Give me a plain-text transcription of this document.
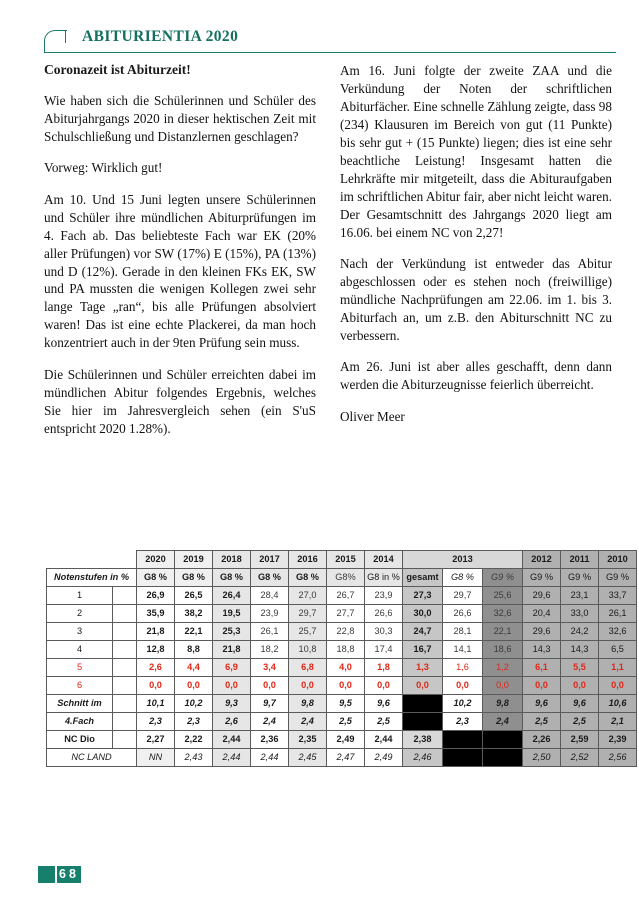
ABITURIENTIA 2020
Coronazeit ist Abiturzeit!

Wie haben sich die Schülerinnen und Schüler des Abiturjahrgangs 2020 in dieser hektischen Zeit mit Schulschließung und Distanzlernen geschlagen?

Vorweg: Wirklich gut!

Am 10. Und 15 Juni legten unsere Schülerinnen und Schüler ihre mündlichen Abiturprüfungen im 4. Fach ab. Das beliebteste Fach war EK (20% aller Prüfungen) vor SW (17%) E (15%), PA (13%) und D (12%). Gerade in den kleinen FKs EK, SW und PA mussten die wenigen Kollegen zwei sehr lange Tage „ran“, bis alle Prüfungen absolviert waren! Das ist eine echte Plackerei, da man hoch konzentriert auch in der 9ten Prüfung sein muss.

Die Schülerinnen und Schüler erreichten dabei im mündlichen Abitur folgendes Ergebnis, welches Sie hier im Jahresvergleich sehen (ein S'uS entspricht 2020 1.28%).

Am 16. Juni folgte der zweite ZAA und die Verkündung der Noten der schriftlichen Abiturfächer. Eine schnelle Zählung zeigte, dass 98 (234) Klausuren im Bereich von gut (11 Punkte) bis sehr gut + (15 Punkte) liegen; dies ist eine sehr beachtliche Leistung! Insgesamt hatten die Lehrkräfte mir mitgeteilt, dass die Abituraufgaben im schriftlichen Abitur fair, aber nicht leicht waren. Der Gesamtschnitt des Jahrgangs 2020 liegt am 16.06. bei einem NC von 2,27!

Nach der Verkündung ist entweder das Abitur abgeschlossen oder es stehen noch (freiwillige) mündliche Nachprüfungen am 22.06. im 1. bis 3. Abiturfach an, um z.B. den Abiturschnitt NC zu verbessern.

Am 26. Juni ist aber alles geschafft, denn dann werden die Abiturzeugnisse feierlich überreicht.

Oliver Meer

		2020	2019	2018	2017	2016	2015	2014	2013			2012	2011	2010
Notenstufen in %		G8 %	G8 %	G8 %	G8 %	G8 %	G8%	G8 in %	gesamt	G8 %	G9 %	G9 %	G9 %	G9 %
1		26,9	26,5	26,4	28,4	27,0	26,7	23,9	27,3	29,7	25,6	29,6	23,1	33,7
2		35,9	38,2	19,5	23,9	29,7	27,7	26,6	30,0	26,6	32,6	20,4	33,0	26,1
3		21,8	22,1	25,3	26,1	25,7	22,8	30,3	24,7	28,1	22,1	29,6	24,2	32,6
4		12,8	8,8	21,8	18,2	10,8	18,8	17,4	16,7	14,1	18,6	14,3	14,3	6,5
5		2,6	4,4	6,9	3,4	6,8	4,0	1,8	1,3	1,6	1,2	6,1	5,5	1,1
6		0,0	0,0	0,0	0,0	0,0	0,0	0,0	0,0	0,0	0,0	0,0	0,0	0,0
Schnitt im		10,1	10,2	9,3	9,7	9,8	9,5	9,6		10,2	9,8	9,6	9,6	10,6
4.Fach		2,3	2,3	2,6	2,4	2,4	2,5	2,5		2,3	2,4	2,5	2,5	2,1
NC Dio		2,27	2,22	2,44	2,36	2,35	2,49	2,44	2,38			2,26	2,59	2,39
NC LAND		NN	2,43	2,44	2,44	2,45	2,47	2,49	2,46			2,50	2,52	2,56
68
